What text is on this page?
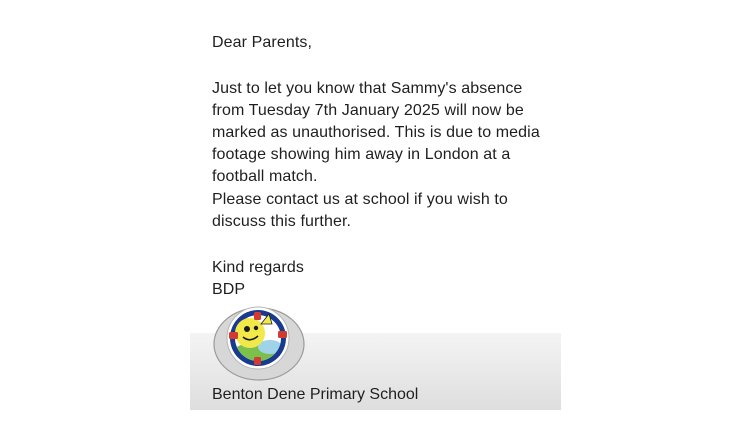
Dear Parents,

Just to let you know that Sammy's absence

from Tuesday 7th January 2025 will now be

marked as unauthorised. This is due to media

footage showing him away in London at a

football match.

Please contact us at school if you wish to

discuss this further.

Kind regards

BDP

Benton Dene Primary School
